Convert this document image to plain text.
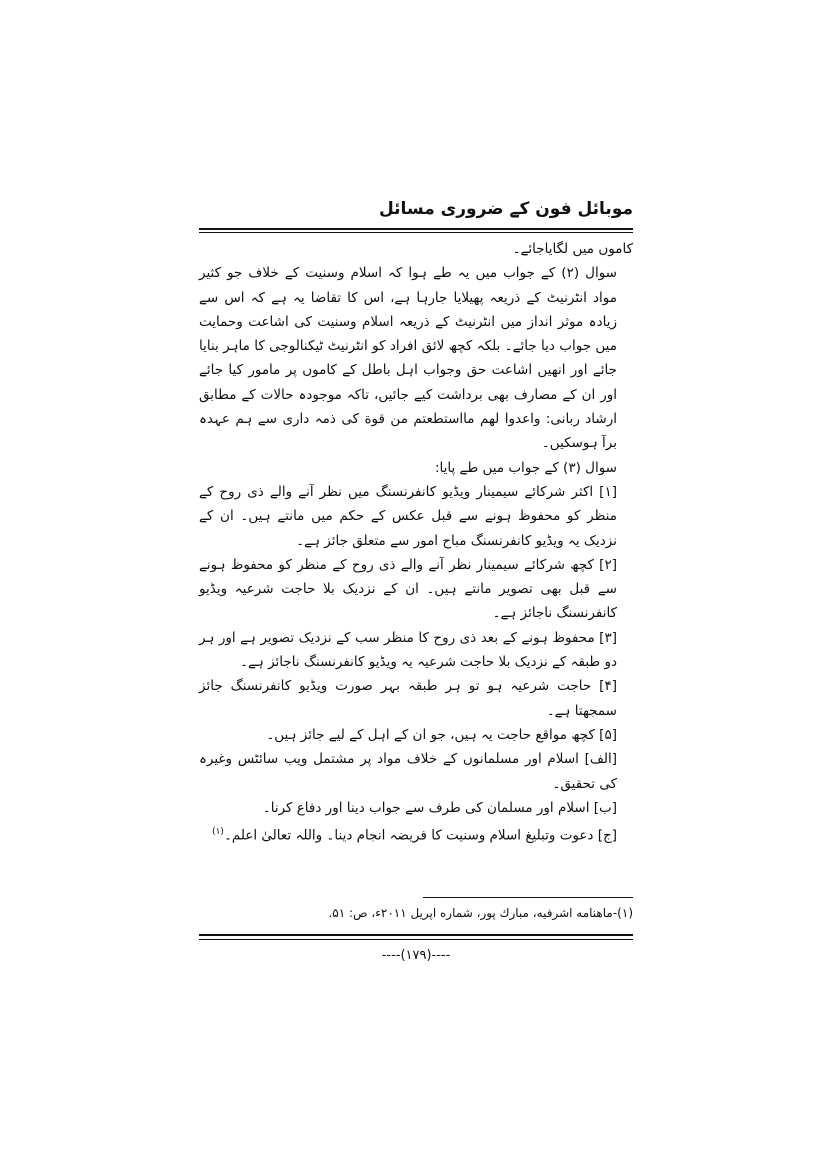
موبائل فون کے ضروری مسائل

کاموں میں لگایاجائے۔

سوال (۲) کے جواب میں یہ طے ہوا کہ اسلام وسنیت کے خلاف جو کثیر مواد انٹرنیٹ کے ذریعہ پھیلایا جارہا ہے، اس کا تقاضا یہ ہے کہ اس سے زیادہ موثر انداز میں انٹرنیٹ کے ذریعہ اسلام وسنیت کی اشاعت وحمایت میں جواب دیا جائے۔ بلکہ کچھ لائق افراد کو انٹرنیٹ ٹیکنالوجی کا ماہر بنایا جائے اور انھیں اشاعت حق وجواب اہل باطل کے کاموں پر مامور کیا جائے اور ان کے مصارف بھی برداشت کیے جائیں، تاکہ موجودہ حالات کے مطابق ارشاد ربانی: واعدوا لهم مااستطعتم من قوة کی ذمہ داری سے ہم عہدہ برآ ہوسکیں۔

سوال (۳) کے جواب میں طے پایا:

[۱] اکثر شرکائے سیمینار ویڈیو کانفرنسنگ میں نظر آنے والے ذی روح کے منظر کو محفوظ ہونے سے قبل عکس کے حکم میں مانتے ہیں۔ ان کے نزدیک یہ ویڈیو کانفرنسنگ مباح امور سے متعلق جائز ہے۔

[۲] کچھ شرکائے سیمینار نظر آنے والے ذی روح کے منظر کو محفوظ ہونے سے قبل بھی تصویر مانتے ہیں۔ ان کے نزدیک بلا حاجت شرعیہ ویڈیو کانفرنسنگ ناجائز ہے۔

[۳] محفوظ ہونے کے بعد ذی روح کا منظر سب کے نزدیک تصویر ہے اور ہر دو طبقہ کے نزدیک بلا حاجت شرعیہ یہ ویڈیو کانفرنسنگ ناجائز ہے۔

[۴] حاجت شرعیہ ہو تو ہر طبقہ بہر صورت ویڈیو کانفرنسنگ جائز سمجھتا ہے۔

[۵] کچھ مواقع حاجت یہ ہیں، جو ان کے اہل کے لیے جائز ہیں۔

[الف] اسلام اور مسلمانوں کے خلاف مواد پر مشتمل ویب سائٹس وغیرہ کی تحقیق۔

[ب] اسلام اور مسلمان کی طرف سے جواب دینا اور دفاع کرنا۔

[ج] دعوت وتبلیغ اسلام وسنیت کا فریضہ انجام دینا۔ واللہ تعالیٰ اعلم۔$^{(۱)}$

(۱)-ماهنامه اشرفيه، مبارك پور، شماره اپريل ۲۰۱۱ء، ص: ۵۱.
----(۱۷۹)----
